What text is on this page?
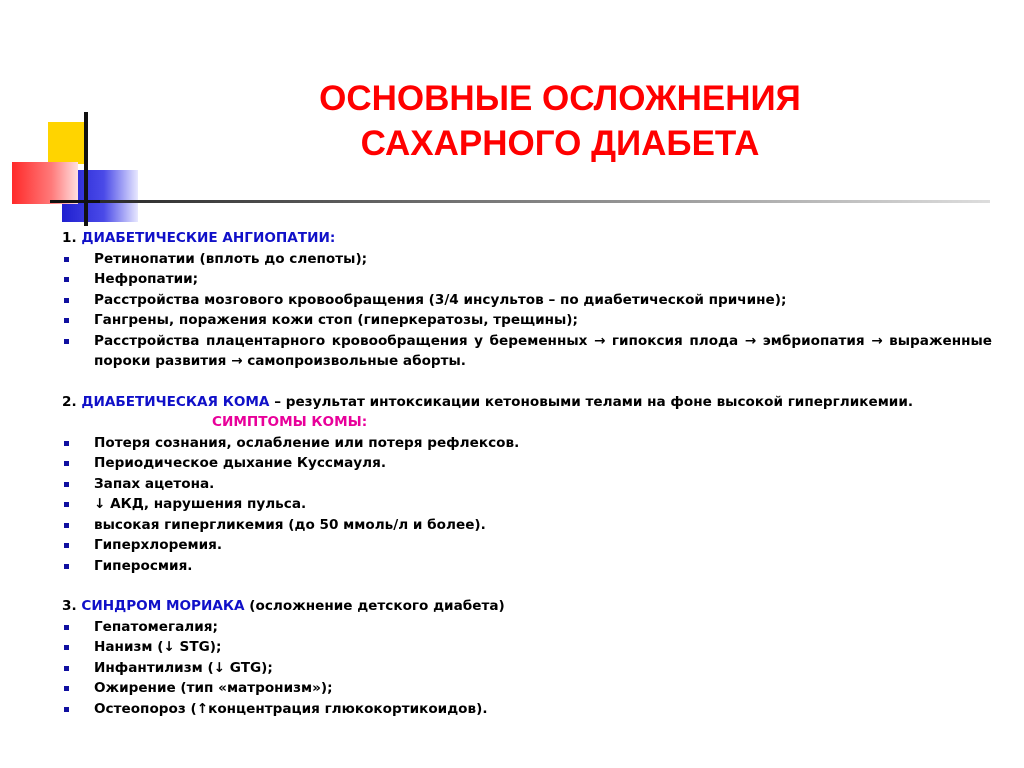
ОСНОВНЫЕ ОСЛОЖНЕНИЯ
САХАРНОГО ДИАБЕТА

1. ДИАБЕТИЧЕСКИЕ АНГИОПАТИИ:

Ретинопатии (вплоть до слепоты);
Нефропатии;
Расстройства мозгового кровообращения (3/4 инсультов – по диабетической причине);
Гангрены, поражения кожи стоп (гиперкератозы, трещины);
Расстройства плацентарного кровообращения у беременных → гипоксия плода → эмбриопатия → выраженные пороки развития → самопроизвольные аборты.

2. ДИАБЕТИЧЕСКАЯ КОМА – результат интоксикации кетоновыми телами на фоне высокой гипергликемии.

СИМПТОМЫ КОМЫ:

Потеря сознания, ослабление или потеря рефлексов.
Периодическое дыхание Куссмауля.
Запах ацетона.
↓ АКД, нарушения пульса.
высокая гипергликемия (до 50 ммоль/л и более).
Гиперхлоремия.
Гиперосмия.

3. СИНДРОМ МОРИАКА (осложнение детского диабета)

Гепатомегалия;
Нанизм (↓ STG);
Инфантилизм (↓ GTG);
Ожирение (тип «матронизм»);
Остеопороз (↑концентрация глюкокортикоидов).
